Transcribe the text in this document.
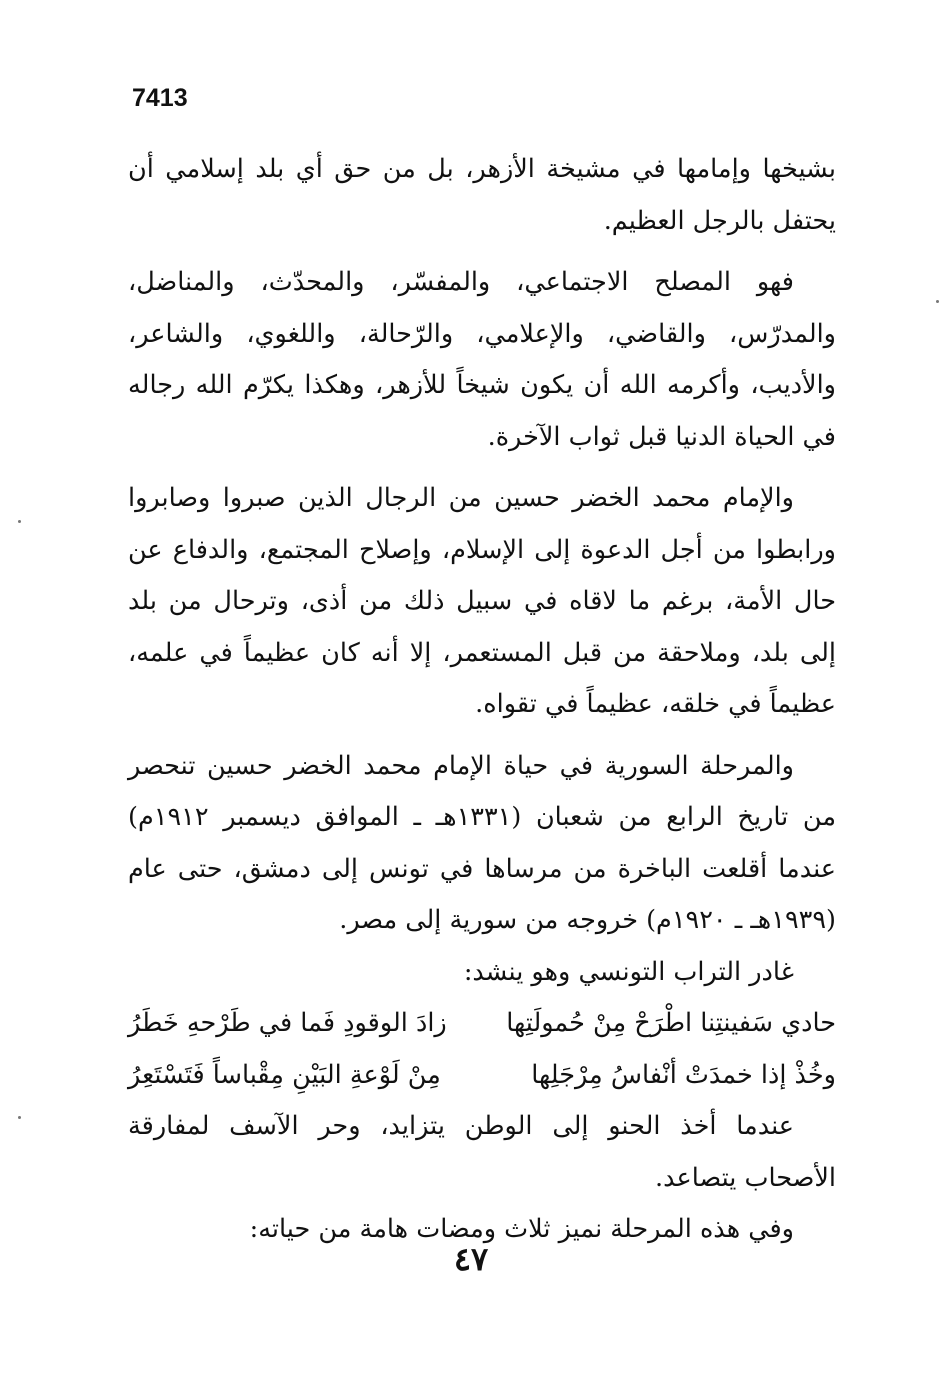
7413

بشيخها وإمامها في مشيخة الأزهر، بل من حق أي بلد إسلامي أن يحتفل بالرجل العظيم.

فهو المصلح الاجتماعي، والمفسّر، والمحدّث، والمناضل، والمدرّس، والقاضي، والإعلامي، والرّحالة، واللغوي، والشاعر، والأديب، وأكرمه الله أن يكون شيخاً للأزهر، وهكذا يكرّم الله رجاله في الحياة الدنيا قبل ثواب الآخرة.

والإمام محمد الخضر حسين من الرجال الذين صبروا وصابروا ورابطوا من أجل الدعوة إلى الإسلام، وإصلاح المجتمع، والدفاع عن حال الأمة، برغم ما لاقاه في سبيل ذلك من أذى، وترحال من بلد إلى بلد، وملاحقة من قبل المستعمر، إلا أنه كان عظيماً في علمه، عظيماً في خلقه، عظيماً في تقواه.

والمرحلة السورية في حياة الإمام محمد الخضر حسين تنحصر من تاريخ الرابع من شعبان (١٣٣١هـ ـ الموافق ديسمبر ١٩١٢م) عندما أقلعت الباخرة من مرساها في تونس إلى دمشق، حتى عام (١٩٣٩هـ ـ ١٩٢٠م) خروجه من سورية إلى مصر.

غادر التراب التونسي وهو ينشد:

حادي سَفينتِنا اطْرَحْ مِنْ حُمولَتِها
زادَ الوقودِ فَما في طَرْحهِ خَطَرُ
وخُذْ إذا خمدَتْ أنْفاسُ مِرْجَلِها
مِنْ لَوْعةِ البَيْنِ مِقْباساً فَتَسْتَعِرُ

عندما أخذ الحنو إلى الوطن يتزايد، وحر الآسف لمفارقة الأصحاب يتصاعد.

وفي هذه المرحلة نميز ثلاث ومضات هامة من حياته:

٤٧
